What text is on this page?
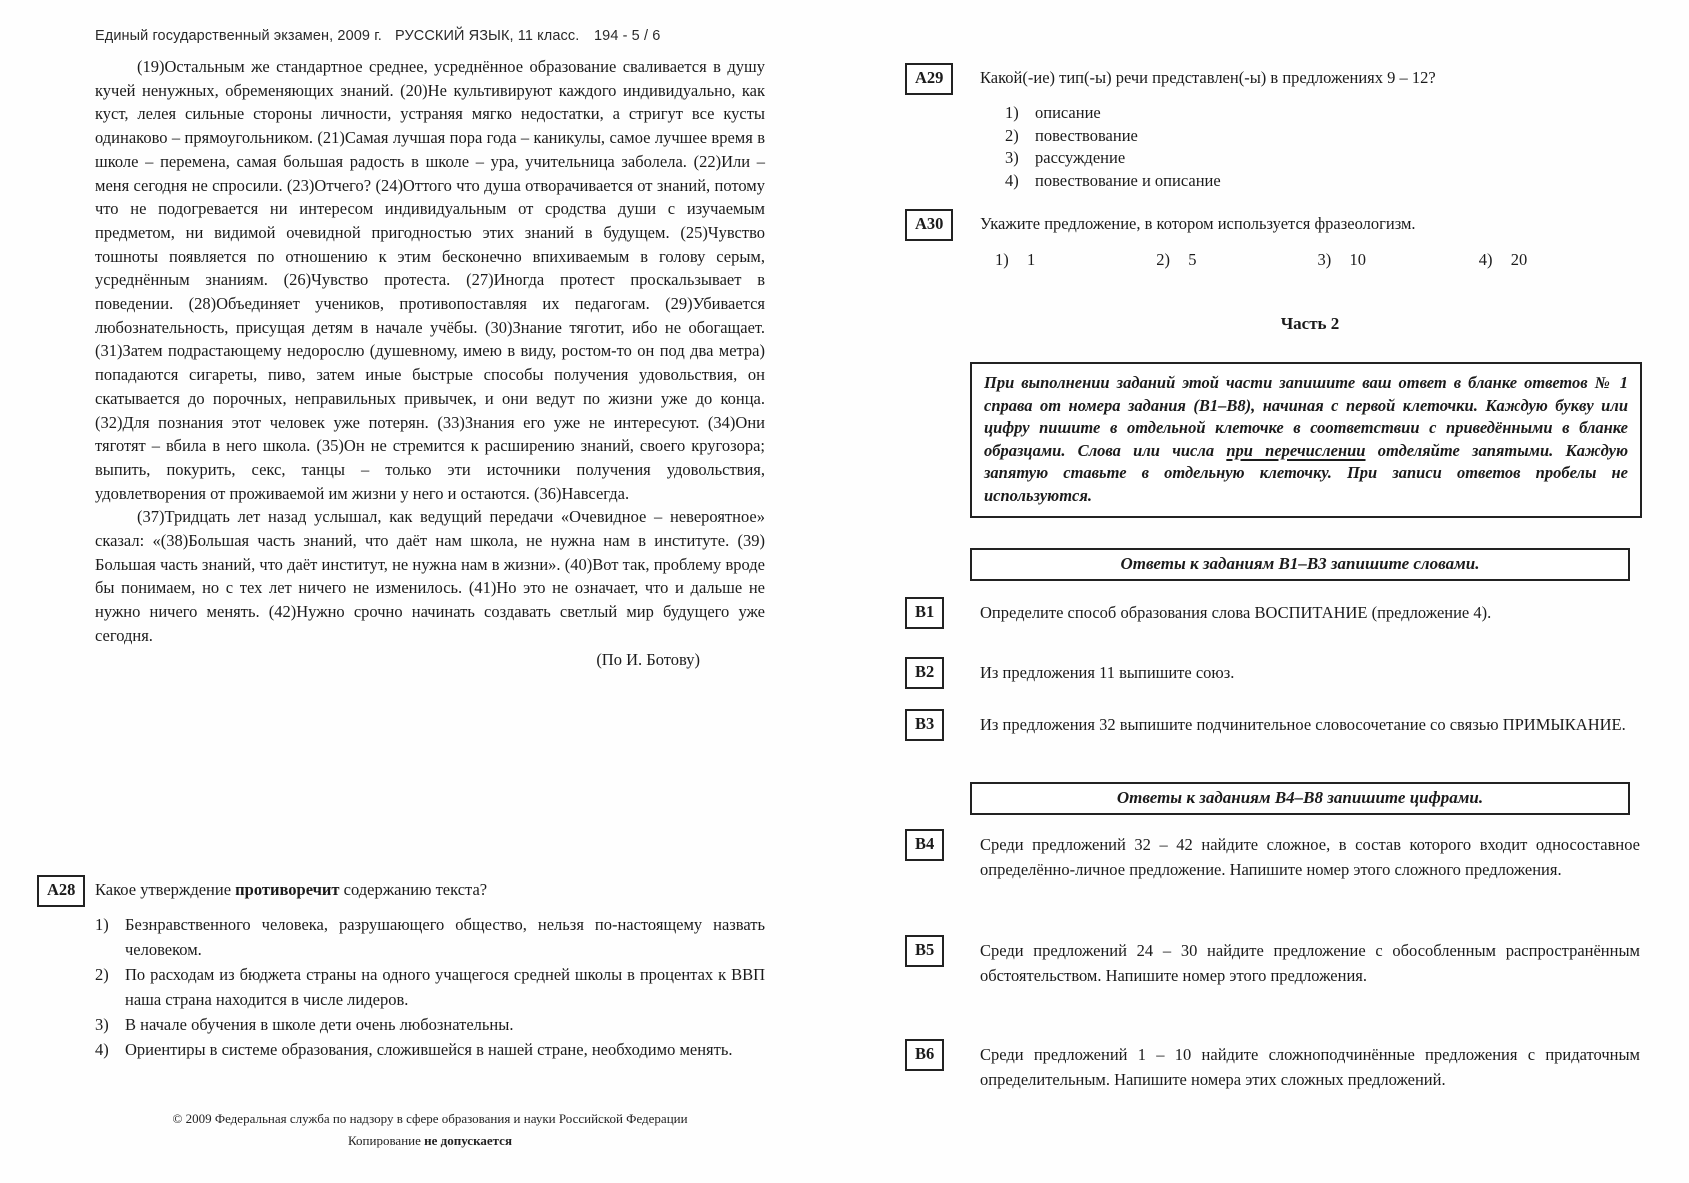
Единый государственный экзамен, 2009 г. РУССКИЙ ЯЗЫК, 11 класс. 194 - 5 / 6

(19)Остальным же стандартное среднее, усреднённое образование сваливается в душу кучей ненужных, обременяющих знаний. (20)Не культивируют каждого индивидуально, как куст, лелея сильные стороны личности, устраняя мягко недостатки, а стригут все кусты одинаково – прямоугольником. (21)Самая лучшая пора года – каникулы, самое лучшее время в школе – перемена, самая большая радость в школе – ура, учительница заболела. (22)Или – меня сегодня не спросили. (23)Отчего? (24)Оттого что душа отворачивается от знаний, потому что не подогревается ни интересом индивидуальным от сродства души с изучаемым предметом, ни видимой очевидной пригодностью этих знаний в будущем. (25)Чувство тошноты появляется по отношению к этим бесконечно впихиваемым в голову серым, усреднённым знаниям. (26)Чувство протеста. (27)Иногда протест проскальзывает в поведении. (28)Объединяет учеников, противопоставляя их педагогам. (29)Убивается любознательность, присущая детям в начале учёбы. (30)Знание тяготит, ибо не обогащает. (31)Затем подрастающему недорослю (душевному, имею в виду, ростом-то он под два метра) попадаются сигареты, пиво, затем иные быстрые способы получения удовольствия, он скатывается до порочных, неправильных привычек, и они ведут по жизни уже до конца. (32)Для познания этот человек уже потерян. (33)Знания его уже не интересуют. (34)Они тяготят – вбила в него школа. (35)Он не стремится к расширению знаний, своего кругозора; выпить, покурить, секс, танцы – только эти источники получения удовольствия, удовлетворения от проживаемой им жизни у него и остаются. (36)Навсегда.

(37)Тридцать лет назад услышал, как ведущий передачи «Очевидное – невероятное» сказал: «(38)Большая часть знаний, что даёт нам школа, не нужна нам в институте. (39) Большая часть знаний, что даёт институт, не нужна нам в жизни». (40)Вот так, проблему вроде бы понимаем, но с тех лет ничего не изменилось. (41)Но это не означает, что и дальше не нужно ничего менять. (42)Нужно срочно начинать создавать светлый мир будущего уже сегодня.

(По И. Ботову)

А28	Какое утверждение противоречит содержанию текста?
1) Безнравственного человека, разрушающего общество, нельзя по-настоящему назвать человеком.
2) По расходам из бюджета страны на одного учащегося средней школы в процентах к ВВП наша страна находится в числе лидеров.
3) В начале обучения в школе дети очень любознательны.
4) Ориентиры в системе образования, сложившейся в нашей стране, необходимо менять.
А29	Какой(-ие) тип(-ы) речи представлен(-ы) в предложениях 9 – 12?
1) описание
2) повествование
3) рассуждение
4) повествование и описание
А30	Укажите предложение, в котором используется фразеологизм.
1)	1	2)	5	3)	10	4)	20
Часть 2
При выполнении заданий этой части запишите ваш ответ в бланке ответов № 1 справа от номера задания (В1–В8), начиная с первой клеточки. Каждую букву или цифру пишите в отдельной клеточке в соответствии с приведёнными в бланке образцами. Слова или числа при перечислении отделяйте запятыми. Каждую запятую ставьте в отдельную клеточку. При записи ответов пробелы не используются.
Ответы к заданиям В1–В3 запишите словами.
В1	Определите способ образования слова ВОСПИТАНИЕ (предложение 4).
В2	Из предложения 11 выпишите союз.
В3	Из предложения 32 выпишите подчинительное словосочетание со связью ПРИМЫКАНИЕ.
Ответы к заданиям В4–В8 запишите цифрами.
В4	Среди предложений 32 – 42 найдите сложное, в состав которого входит односоставное определённо-личное предложение. Напишите номер этого сложного предложения.
В5	Среди предложений 24 – 30 найдите предложение с обособленным распространённым обстоятельством. Напишите номер этого предложения.
В6	Среди предложений 1 – 10 найдите сложноподчинённые предложения с придаточным определительным. Напишите номера этих сложных предложений.
© 2009 Федеральная служба по надзору в сфере образования и науки Российской Федерации
Копирование не допускается
